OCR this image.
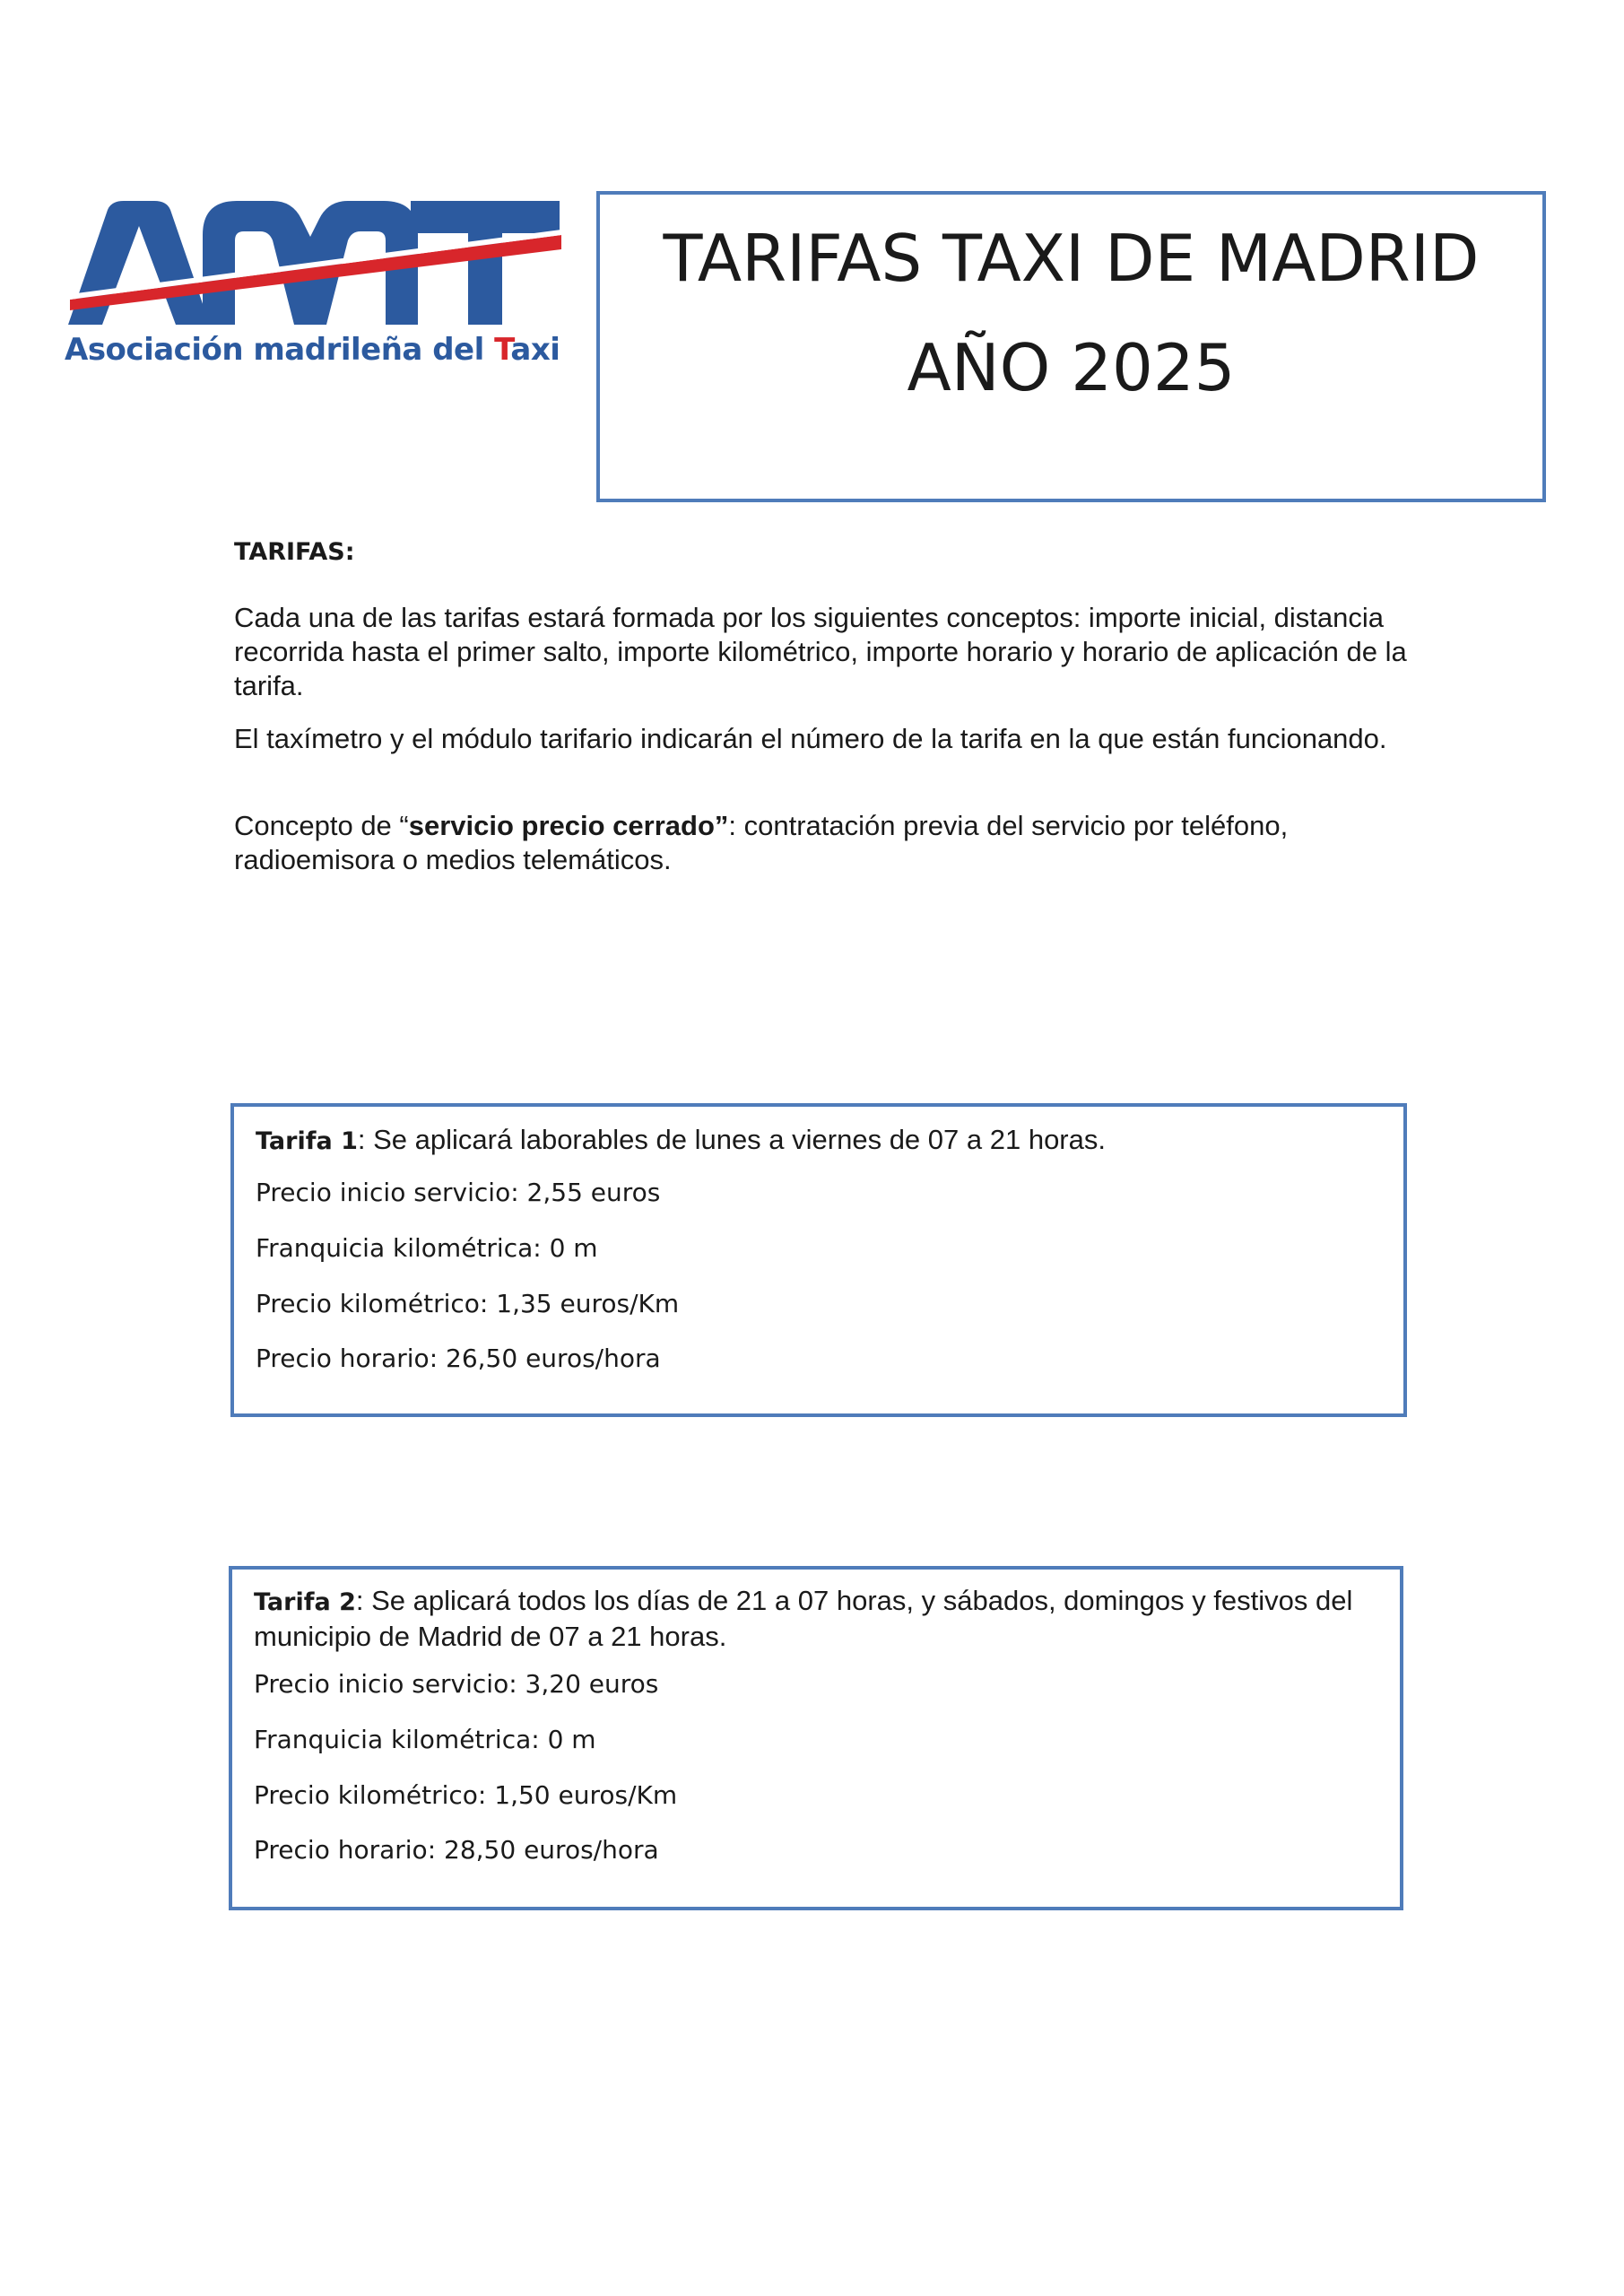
Asociación madrileña del Taxi
TARIFAS TAXI DE MADRID
AÑO 2025
TARIFAS:

Cada una de las tarifas estará formada por los siguientes conceptos: importe inicial, distancia recorrida hasta el primer salto, importe kilométrico, importe horario y horario de aplicación de la tarifa.

El taxímetro y el módulo tarifario indicarán el número de la tarifa en la que están funcionando.

Concepto de “servicio precio cerrado”: contratación previa del servicio por teléfono, radioemisora o medios telemáticos.

Tarifa 1: Se aplicará laborables de lunes a viernes de 07 a 21 horas.

Precio inicio servicio: 2,55 euros
Franquicia kilométrica: 0 m
Precio kilométrico: 1,35 euros/Km
Precio horario: 26,50 euros/hora

Tarifa 2: Se aplicará todos los días de 21 a 07 horas, y sábados, domingos y festivos del municipio de Madrid de 07 a 21 horas.

Precio inicio servicio: 3,20 euros
Franquicia kilométrica: 0 m
Precio kilométrico: 1,50 euros/Km
Precio horario: 28,50 euros/hora
